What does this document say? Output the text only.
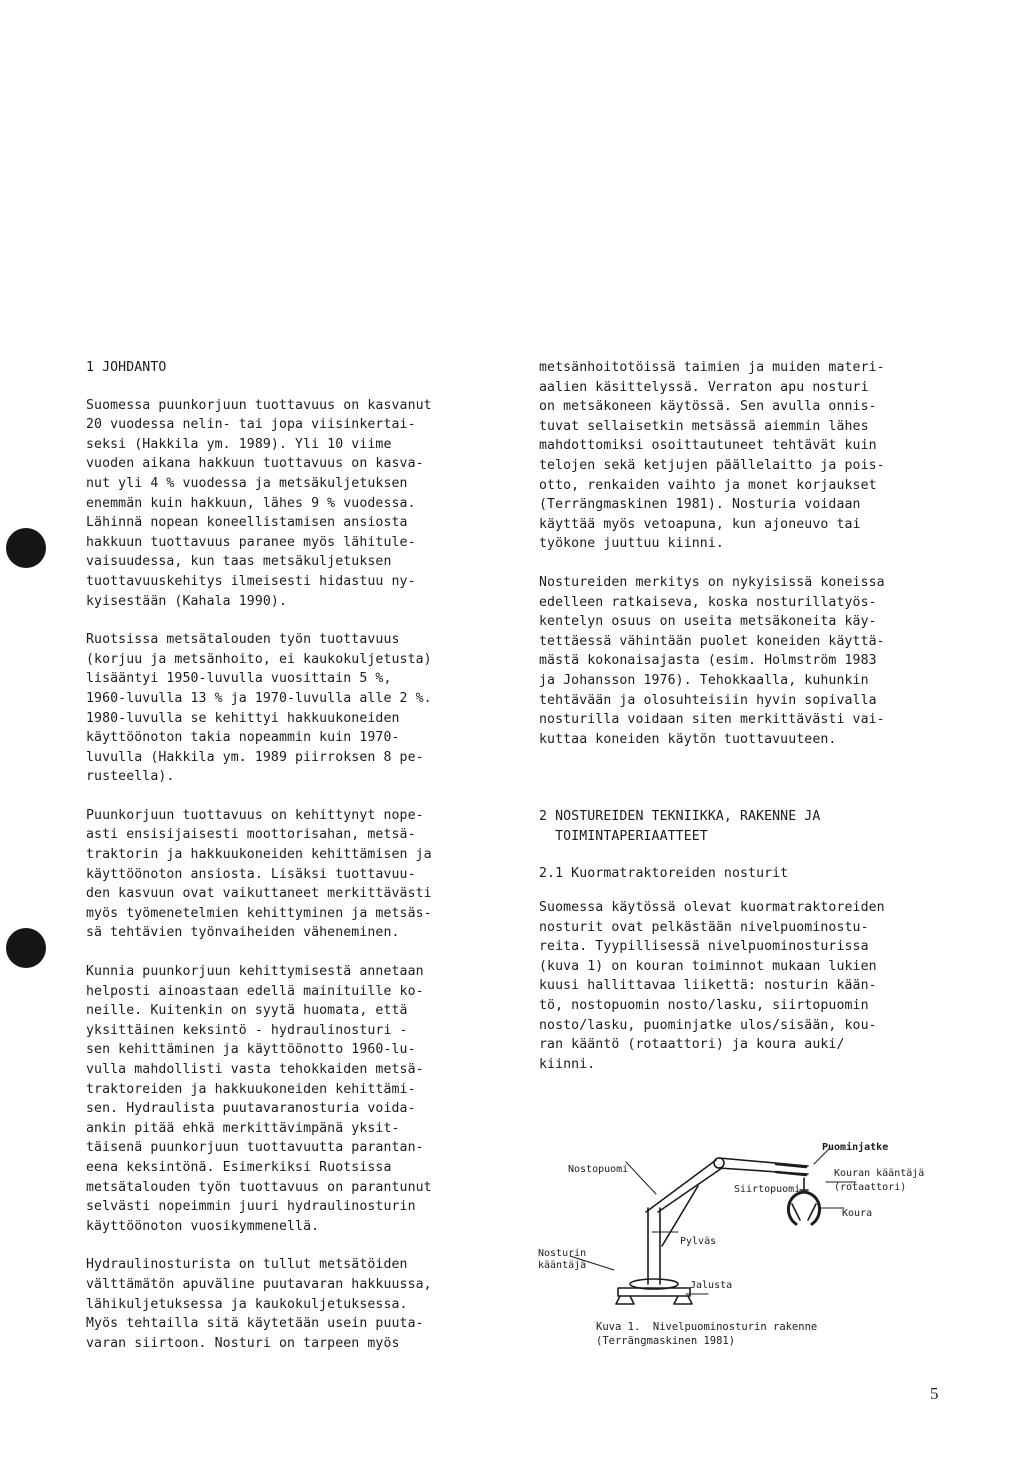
1 JOHDANTO

Suomessa puunkorjuun tuottavuus on kasvanut
20 vuodessa nelin- tai jopa viisinkertai-
seksi (Hakkila ym. 1989). Yli 10 viime
vuoden aikana hakkuun tuottavuus on kasva-
nut yli 4 % vuodessa ja metsäkuljetuksen
enemmän kuin hakkuun, lähes 9 % vuodessa.
Lähinnä nopean koneellistamisen ansiosta
hakkuun tuottavuus paranee myös lähitule-
vaisuudessa, kun taas metsäkuljetuksen
tuottavuuskehitys ilmeisesti hidastuu ny-
kyisestään (Kahala 1990).

Ruotsissa metsätalouden työn tuottavuus
(korjuu ja metsänhoito, ei kaukokuljetusta)
lisääntyi 1950-luvulla vuosittain 5 %,
1960-luvulla 13 % ja 1970-luvulla alle 2 %.
1980-luvulla se kehittyi hakkuukoneiden
käyttöönoton takia nopeammin kuin 1970-
luvulla (Hakkila ym. 1989 piirroksen 8 pe-
rusteella).

Puunkorjuun tuottavuus on kehittynyt nope-
asti ensisijaisesti moottorisahan, metsä-
traktorin ja hakkuukoneiden kehittämisen ja
käyttöönoton ansiosta. Lisäksi tuottavuu-
den kasvuun ovat vaikuttaneet merkittävästi
myös työmenetelmien kehittyminen ja metsäs-
sä tehtävien työnvaiheiden väheneminen.

Kunnia puunkorjuun kehittymisestä annetaan
helposti ainoastaan edellä mainituille ko-
neille. Kuitenkin on syytä huomata, että
yksittäinen keksintö - hydraulinosturi -
sen kehittäminen ja käyttöönotto 1960-lu-
vulla mahdollisti vasta tehokkaiden metsä-
traktoreiden ja hakkuukoneiden kehittämi-
sen. Hydraulista puutavaranosturia voida-
ankin pitää ehkä merkittävimpänä yksit-
täisenä puunkorjuun tuottavuutta parantan-
eena keksintönä. Esimerkiksi Ruotsissa
metsätalouden työn tuottavuus on parantunut
selvästi nopeimmin juuri hydraulinosturin
käyttöönoton vuosikymmenellä.

Hydraulinosturista on tullut metsätöiden
välttämätön apuväline puutavaran hakkuussa,
lähikuljetuksessa ja kaukokuljetuksessa.
Myös tehtailla sitä käytetään usein puuta-
varan siirtoon. Nosturi on tarpeen myös

metsänhoitotöissä taimien ja muiden materi-
aalien käsittelyssä. Verraton apu nosturi
on metsäkoneen käytössä. Sen avulla onnis-
tuvat sellaisetkin metsässä aiemmin lähes
mahdottomiksi osoittautuneet tehtävät kuin
telojen sekä ketjujen päällelaitto ja pois-
otto, renkaiden vaihto ja monet korjaukset
(Terrängmaskinen 1981). Nosturia voidaan
käyttää myös vetoapuna, kun ajoneuvo tai
työkone juuttuu kiinni.

Nostureiden merkitys on nykyisissä koneissa
edelleen ratkaiseva, koska nosturillatyös-
kentelyn osuus on useita metsäkoneita käy-
tettäessä vähintään puolet koneiden käyttä-
mästä kokonaisajasta (esim. Holmström 1983
ja Johansson 1976). Tehokkaalla, kuhunkin
tehtävään ja olosuhteisiin hyvin sopivalla
nosturilla voidaan siten merkittävästi vai-
kuttaa koneiden käytön tuottavuuteen.

2 NOSTUREIDEN TEKNIIKKA, RAKENNE JA
TOIMINTAPERIAATTEET
2.1 Kuormatraktoreiden nosturit

Suomessa käytössä olevat kuormatraktoreiden
nosturit ovat pelkästään nivelpuominostu-
reita. Tyypillisessä nivelpuominosturissa
(kuva 1) on kouran toiminnot mukaan lukien
kuusi hallittavaa liikettä: nosturin kään-
tö, nostopuomin nosto/lasku, siirtopuomin
nosto/lasku, puominjatke ulos/sisään, kou-
ran kääntö (rotaattori) ja koura auki/
kiinni.

Puominjatke
Nostopuomi	Kouran kääntäjä
(rotaattori)
Siirtopuomi
Koura
Pylväs
Nosturin
kääntäjä
Jalusta
Kuva 1.  Nivelpuominosturin rakenne
(Terrängmaskinen 1981)
5
